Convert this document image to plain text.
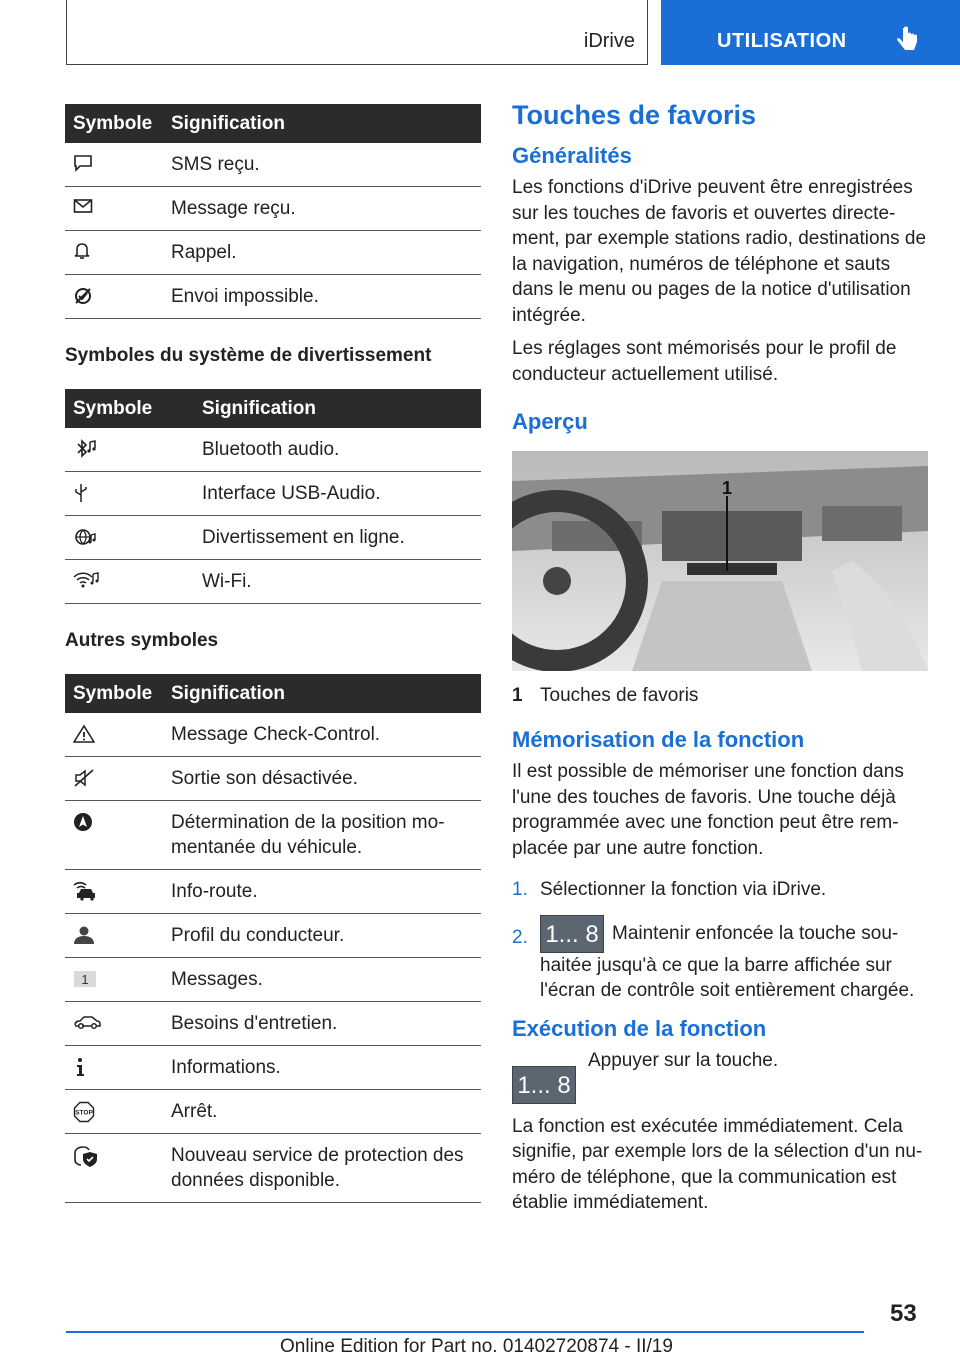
iDrive	UTILISATION
Symbole	Signification

	SMS reçu.

	Message reçu.

	Rappel.

	Envoi impossible.
Symboles du système de divertissement
Symbole	Signification

	Bluetooth audio.

	Interface USB-Audio.

	Divertissement en ligne.

	Wi-Fi.
Autres symboles
Symbole	Signification

	Message Check-Control.

	Sortie son désactivée.

	Détermination de la position momentanée du véhicule.

	Info-route.

	Profil du conducteur.

1	Messages.

	Besoins d'entretien.

	Informations.

STOP	Arrêt.

	Nouveau service de protection des données disponible.
Touches de favoris
Généralités

Les fonctions d'iDrive peuvent être enregistrées sur les touches de favoris et ouvertes directement, par exemple stations radio, destinations de la navigation, numéros de téléphone et sauts dans le menu ou pages de la notice d'utilisation intégrée.

Les réglages sont mémorisés pour le profil de conducteur actuellement utilisé.

Aperçu
1
1 Touches de favoris
Mémorisation de la fonction

Il est possible de mémoriser une fonction dans l'une des touches de favoris. Une touche déjà programmée avec une fonction peut être remplacée par une autre fonction.

1. Sélectionner la fonction via iDrive.
2. 1... 8 Maintenir enfoncée la touche souhaitée jusqu'à ce que la barre affichée sur l'écran de contrôle soit entièrement chargée.
Exécution de la fonction
1... 8
Appuyer sur la touche.

La fonction est exécutée immédiatement. Cela signifie, par exemple lors de la sélection d'un numéro de téléphone, que la communication est établie immédiatement.

53
Online Edition for Part no. 01402720874 - II/19
